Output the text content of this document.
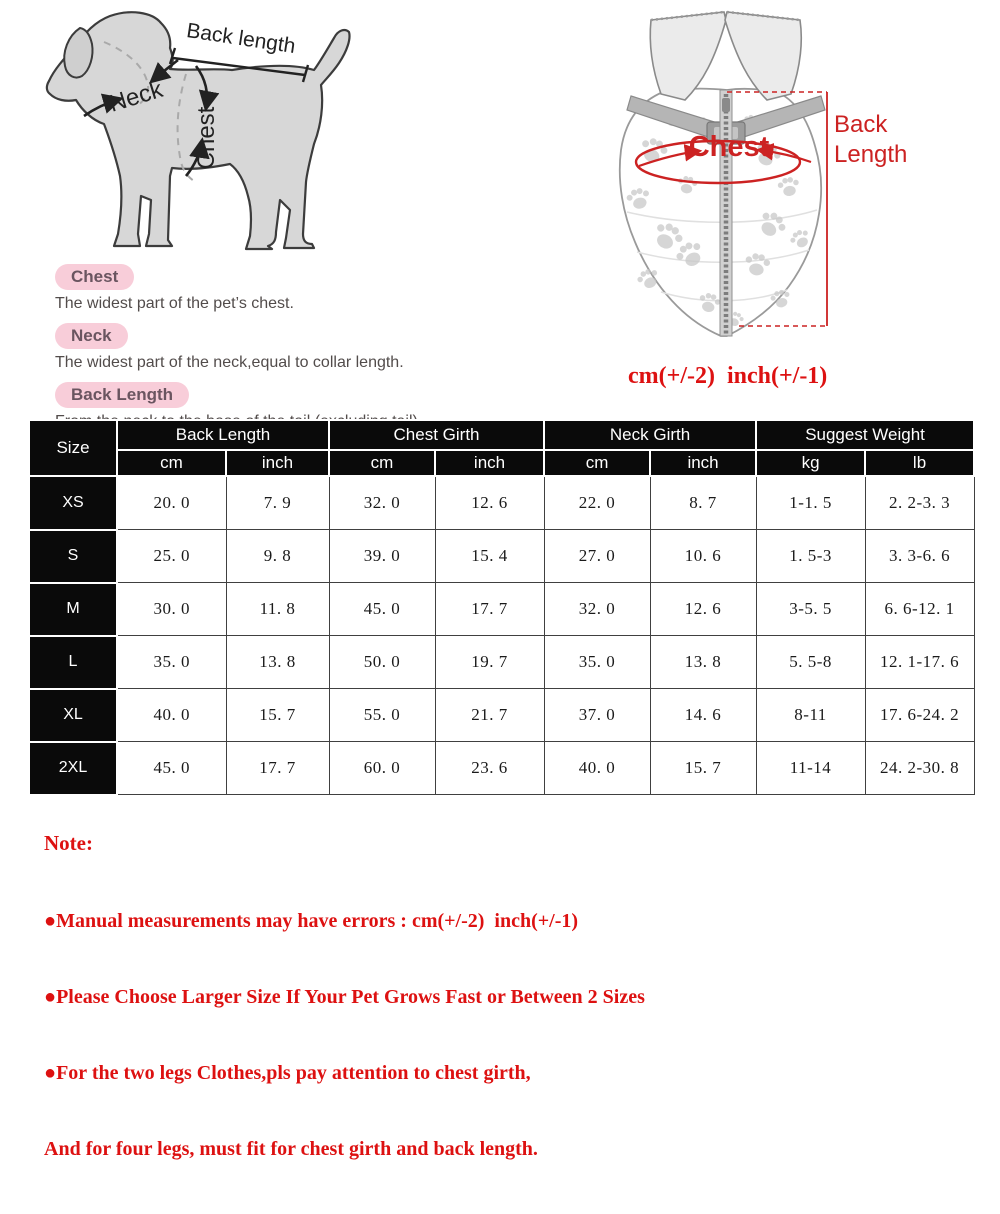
Back length
Neck
Chest	Chest
Back
Length
cm(+/-2)  inch(+/-1)
Chest
The widest part of the pet’s chest.
Neck
The widest part of the neck,equal to collar length.
Back Length
Size	Back Length		Chest Girth		Neck Girth		Suggest Weight	
	cm	inch	cm	inch	cm	inch	kg	lb
XS	20. 0	7. 9	32. 0	12. 6	22. 0	8. 7	1-1. 5	2. 2-3. 3
S	25. 0	9. 8	39. 0	15. 4	27. 0	10. 6	1. 5-3	3. 3-6. 6
M	30. 0	11. 8	45. 0	17. 7	32. 0	12. 6	3-5. 5	6. 6-12. 1
L	35. 0	13. 8	50. 0	19. 7	35. 0	13. 8	5. 5-8	12. 1-17. 6
XL	40. 0	15. 7	55. 0	21. 7	37. 0	14. 6	8-11	17. 6-24. 2
2XL	45. 0	17. 7	60. 0	23. 6	40. 0	15. 7	11-14	24. 2-30. 8

Note:

●Manual measurements may have errors : cm(+/-2)  inch(+/-1)

●Please Choose Larger Size If Your Pet Grows Fast or Between 2 Sizes

●For the two legs Clothes,pls pay attention to chest girth,

And for four legs, must fit for chest girth and back length.
